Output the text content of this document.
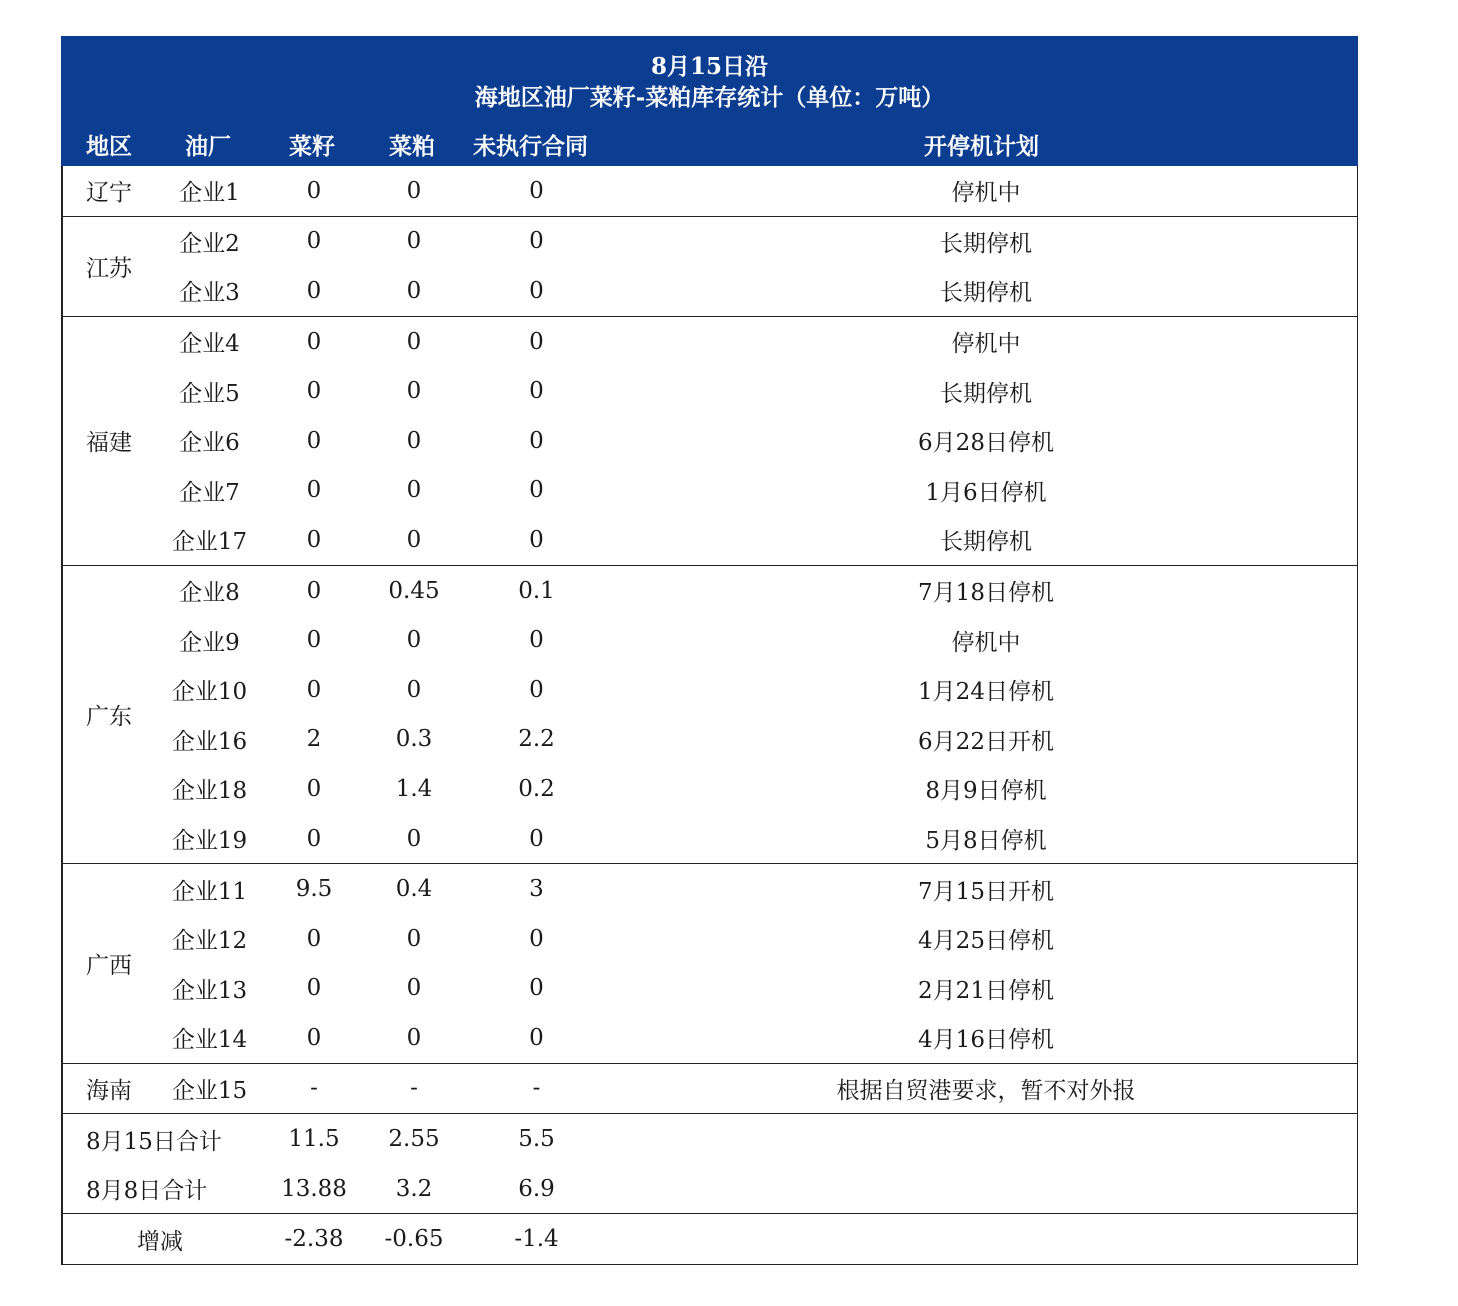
8月15日沿
海地区油厂菜籽-菜粕库存统计（单位：万吨）
地区 油厂	菜籽 菜粕 未执行合同	开停机计划
辽宁	企业1	0	0	0	停机中
江苏	企业2	0	0	0	长期停机
	企业3	0	0	0	长期停机
福建	企业4	0	0	0	停机中
	企业5	0	0	0	长期停机
	企业6	0	0	0	6月28日停机
	企业7	0	0	0	1月6日停机
	企业17	0	0	0	长期停机
广东	企业8	0	0.45	0.1	7月18日停机
	企业9	0	0	0	停机中
	企业10	0	0	0	1月24日停机
	企业16	2	0.3	2.2	6月22日开机
	企业18	0	1.4	0.2	8月9日停机
	企业19	0	0	0	5月8日停机
广西	企业11	9.5	0.4	3	7月15日开机
	企业12	0	0	0	4月25日停机
	企业13	0	0	0	2月21日停机
	企业14	0	0	0	4月16日停机
海南	企业15	-	-	-	根据自贸港要求，暂不对外报
8月15日合计		11.5	2.55	5.5	
8月8日合计		13.88	3.2	6.9	
增减		-2.38	-0.65	-1.4	
